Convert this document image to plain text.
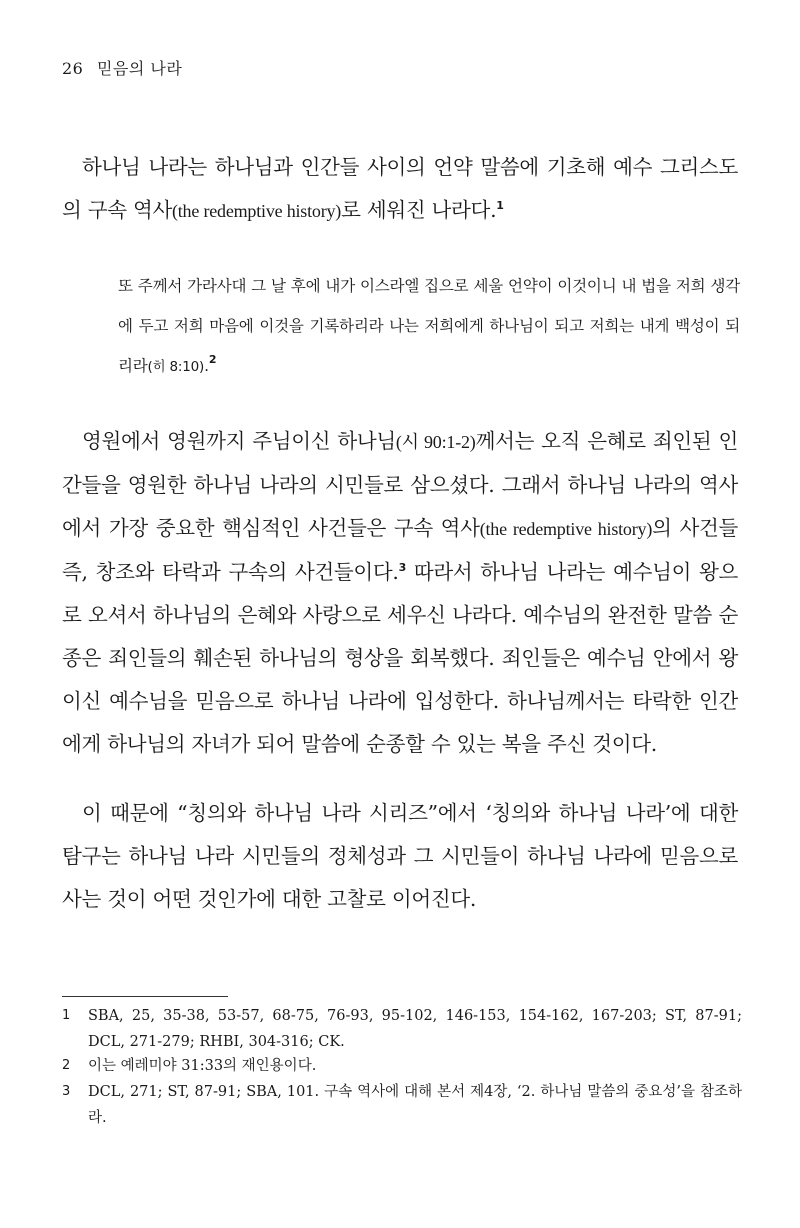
26 믿음의 나라
하나님 나라는 하나님과 인간들 사이의 언약 말씀에 기초해 예수 그리스도의 구속 역사(the redemptive history)로 세워진 나라다.$^1$
또 주께서 가라사대 그 날 후에 내가 이스라엘 집으로 세울 언약이 이것이니 내 법을 저희 생각에 두고 저희 마음에 이것을 기록하리라 나는 저희에게 하나님이 되고 저희는 내게 백성이 되리라(히 8:10).$^2$
영원에서 영원까지 주님이신 하나님(시 90:1-2)께서는 오직 은혜로 죄인된 인간들을 영원한 하나님 나라의 시민들로 삼으셨다. 그래서 하나님 나라의 역사에서 가장 중요한 핵심적인 사건들은 구속 역사(the redemptive history)의 사건들 즉, 창조와 타락과 구속의 사건들이다.$^3$ 따라서 하나님 나라는 예수님이 왕으로 오셔서 하나님의 은혜와 사랑으로 세우신 나라다. 예수님의 완전한 말씀 순종은 죄인들의 훼손된 하나님의 형상을 회복했다. 죄인들은 예수님 안에서 왕이신 예수님을 믿음으로 하나님 나라에 입성한다. 하나님께서는 타락한 인간에게 하나님의 자녀가 되어 말씀에 순종할 수 있는 복을 주신 것이다.
이 때문에 “칭의와 하나님 나라 시리즈”에서 ‘칭의와 하나님 나라’에 대한 탐구는 하나님 나라 시민들의 정체성과 그 시민들이 하나님 나라에 믿음으로 사는 것이 어떤 것인가에 대한 고찰로 이어진다.
1 SBA, 25, 35-38, 53-57, 68-75, 76-93, 95-102, 146-153, 154-162, 167-203; ST, 87-91; DCL, 271-279; RHBI, 304-316; CK.
2 이는 예레미야 31:33의 재인용이다.
3 DCL, 271; ST, 87-91; SBA, 101. 구속 역사에 대해 본서 제4장, ‘2. 하나님 말씀의 중요성’을 참조하라.
